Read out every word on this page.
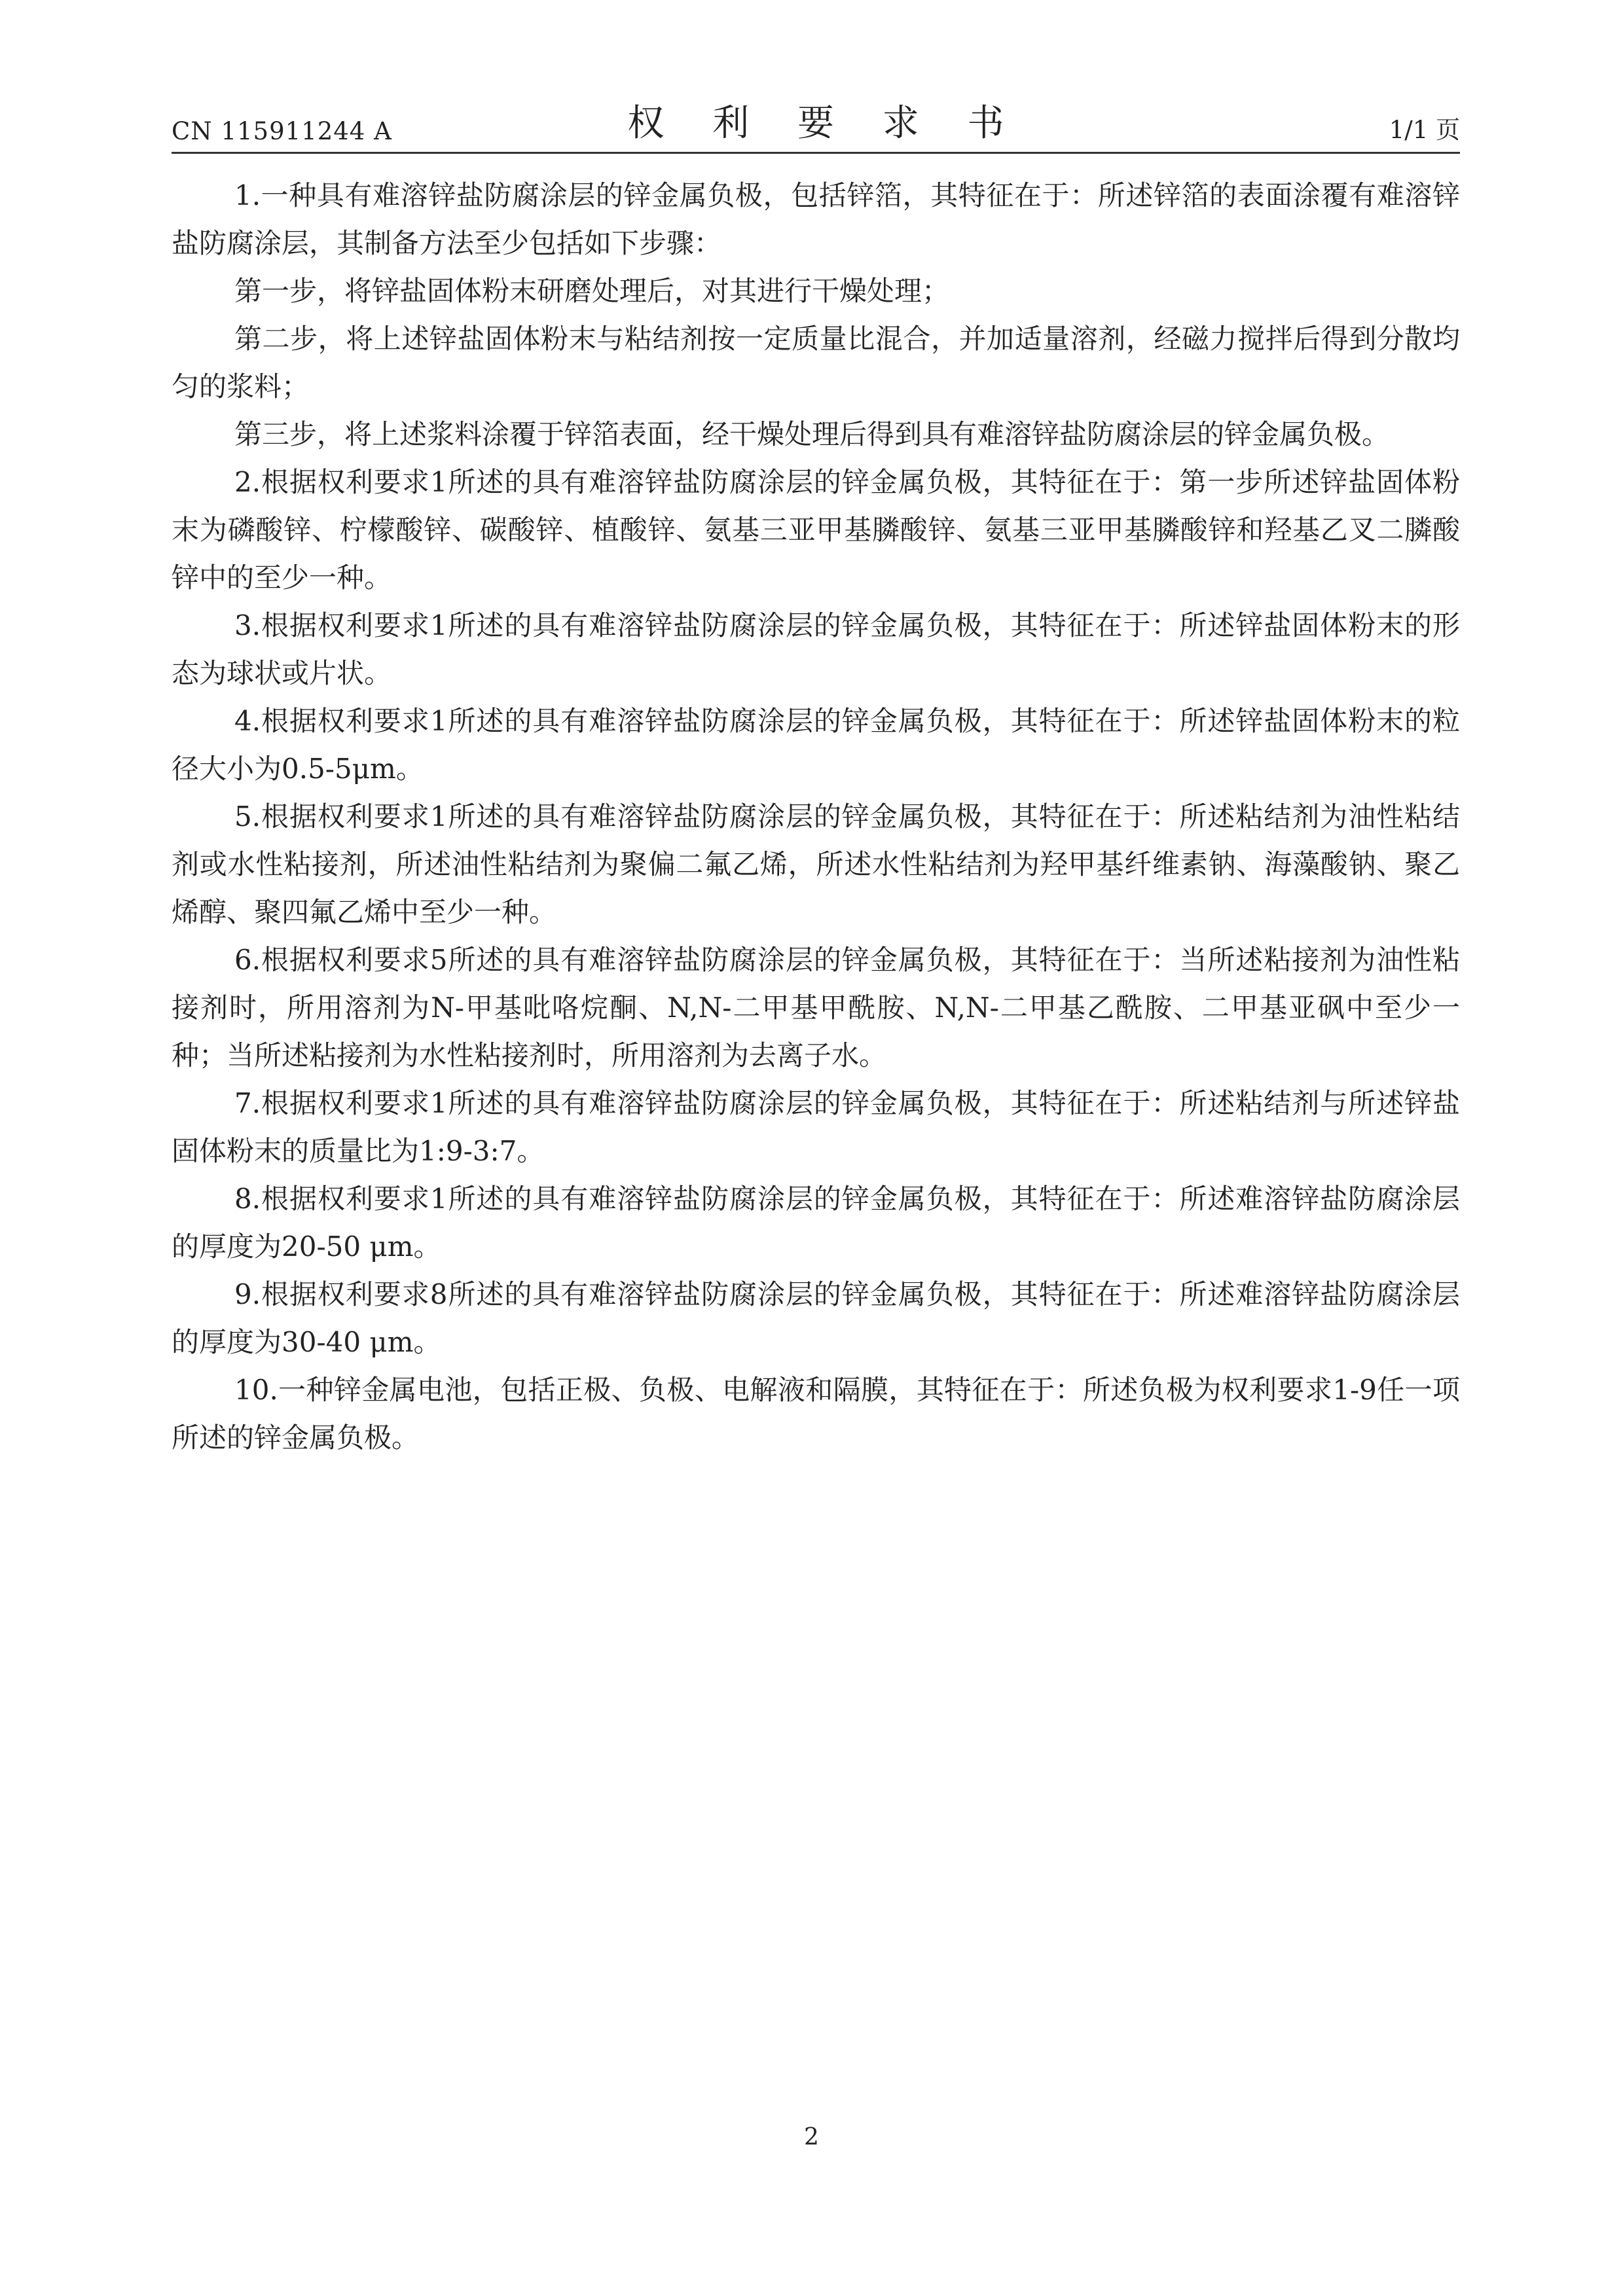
CN 115911244 A	权 利 要 求 书	1/1 页

1.一种具有难溶锌盐防腐涂层的锌金属负极，包括锌箔，其特征在于：所述锌箔的表面涂覆有难溶锌盐防腐涂层，其制备方法至少包括如下步骤：

第一步，将锌盐固体粉末研磨处理后，对其进行干燥处理；

第二步，将上述锌盐固体粉末与粘结剂按一定质量比混合，并加适量溶剂，经磁力搅拌后得到分散均匀的浆料；

第三步，将上述浆料涂覆于锌箔表面，经干燥处理后得到具有难溶锌盐防腐涂层的锌金属负极。

2.根据权利要求1所述的具有难溶锌盐防腐涂层的锌金属负极，其特征在于：第一步所述锌盐固体粉末为磷酸锌、柠檬酸锌、碳酸锌、植酸锌、氨基三亚甲基膦酸锌、氨基三亚甲基膦酸锌和羟基乙叉二膦酸锌中的至少一种。

3.根据权利要求1所述的具有难溶锌盐防腐涂层的锌金属负极，其特征在于：所述锌盐固体粉末的形态为球状或片状。

4.根据权利要求1所述的具有难溶锌盐防腐涂层的锌金属负极，其特征在于：所述锌盐固体粉末的粒径大小为0.5-5μm。

5.根据权利要求1所述的具有难溶锌盐防腐涂层的锌金属负极，其特征在于：所述粘结剂为油性粘结剂或水性粘接剂，所述油性粘结剂为聚偏二氟乙烯，所述水性粘结剂为羟甲基纤维素钠、海藻酸钠、聚乙烯醇、聚四氟乙烯中至少一种。

6.根据权利要求5所述的具有难溶锌盐防腐涂层的锌金属负极，其特征在于：当所述粘接剂为油性粘接剂时，所用溶剂为N-甲基吡咯烷酮、N,N-二甲基甲酰胺、N,N-二甲基乙酰胺、二甲基亚砜中至少一种；当所述粘接剂为水性粘接剂时，所用溶剂为去离子水。

7.根据权利要求1所述的具有难溶锌盐防腐涂层的锌金属负极，其特征在于：所述粘结剂与所述锌盐固体粉末的质量比为1:9-3:7。

8.根据权利要求1所述的具有难溶锌盐防腐涂层的锌金属负极，其特征在于：所述难溶锌盐防腐涂层的厚度为20-50 μm。

9.根据权利要求8所述的具有难溶锌盐防腐涂层的锌金属负极，其特征在于：所述难溶锌盐防腐涂层的厚度为30-40 μm。

10.一种锌金属电池，包括正极、负极、电解液和隔膜，其特征在于：所述负极为权利要求1-9任一项所述的锌金属负极。

2
